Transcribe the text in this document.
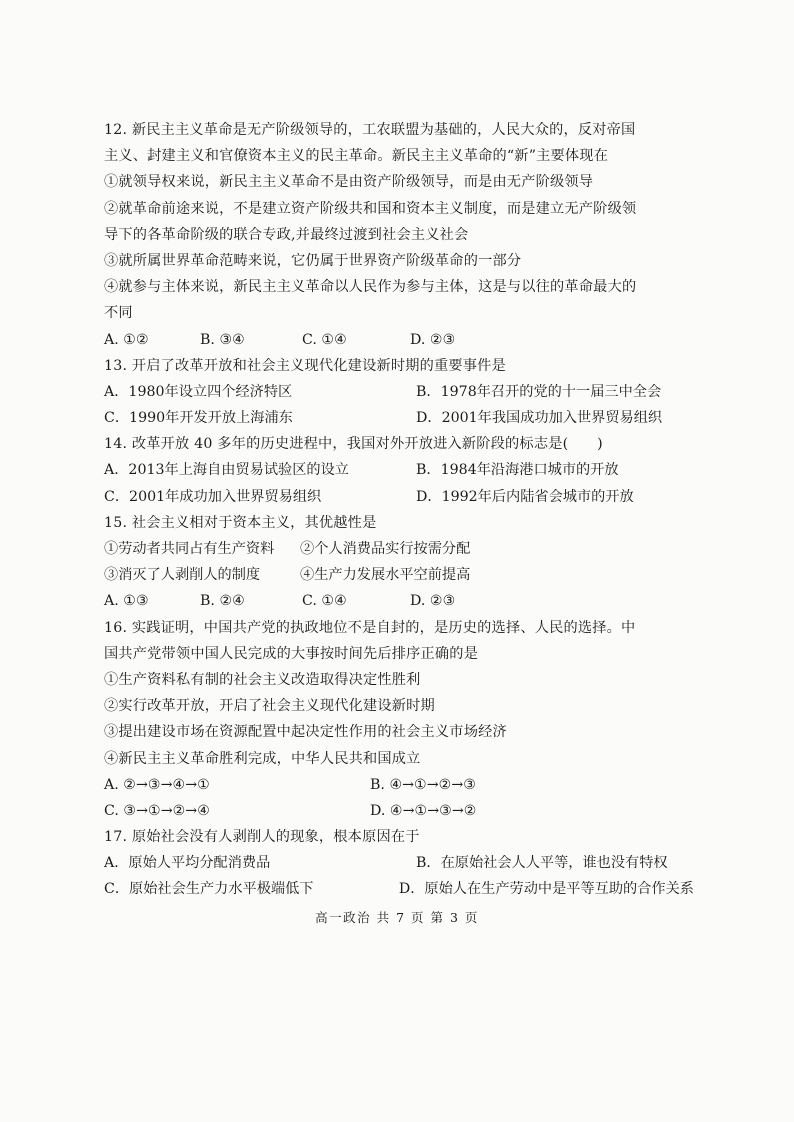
12. 新民主主义革命是无产阶级领导的，工农联盟为基础的，人民大众的，反对帝国
主义、封建主义和官僚资本主义的民主革命。新民主主义革命的“新”主要体现在
①就领导权来说，新民主主义革命不是由资产阶级领导，而是由无产阶级领导
②就革命前途来说，不是建立资产阶级共和国和资本主义制度，而是建立无产阶级领
导下的各革命阶级的联合专政,并最终过渡到社会主义社会
③就所属世界革命范畴来说，它仍属于世界资产阶级革命的一部分
④就参与主体来说，新民主主义革命以人民作为参与主体，这是与以往的革命最大的
不同
A. ①②	B. ③④	C. ①④	D. ②③
13. 开启了改革开放和社会主义现代化建设新时期的重要事件是
A．1980年设立四个经济特区	B．1978年召开的党的十一届三中全会
C．1990年开发开放上海浦东	D．2001年我国成功加入世界贸易组织
14. 改革开放 40 多年的历史进程中，我国对外开放进入新阶段的标志是(　　)
A．2013年上海自由贸易试验区的设立	B．1984年沿海港口城市的开放
C．2001年成功加入世界贸易组织	D．1992年后内陆省会城市的开放
15. 社会主义相对于资本主义，其优越性是
①劳动者共同占有生产资料	②个人消费品实行按需分配
③消灭了人剥削人的制度	④生产力发展水平空前提高
A. ①③	B. ②④	C. ①④	D. ②③
16. 实践证明，中国共产党的执政地位不是自封的，是历史的选择、人民的选择。中
国共产党带领中国人民完成的大事按时间先后排序正确的是
①生产资料私有制的社会主义改造取得决定性胜利
②实行改革开放，开启了社会主义现代化建设新时期
③提出建设市场在资源配置中起决定性作用的社会主义市场经济
④新民主主义革命胜利完成，中华人民共和国成立
A. ②→③→④→①	B. ④→①→②→③
C. ③→①→②→④	D. ④→①→③→②
17. 原始社会没有人剥削人的现象，根本原因在于
A．原始人平均分配消费品	B．在原始社会人人平等，谁也没有特权
C．原始社会生产力水平极端低下	D．原始人在生产劳动中是平等互助的合作关系
高一政治 共 7 页 第 3 页
